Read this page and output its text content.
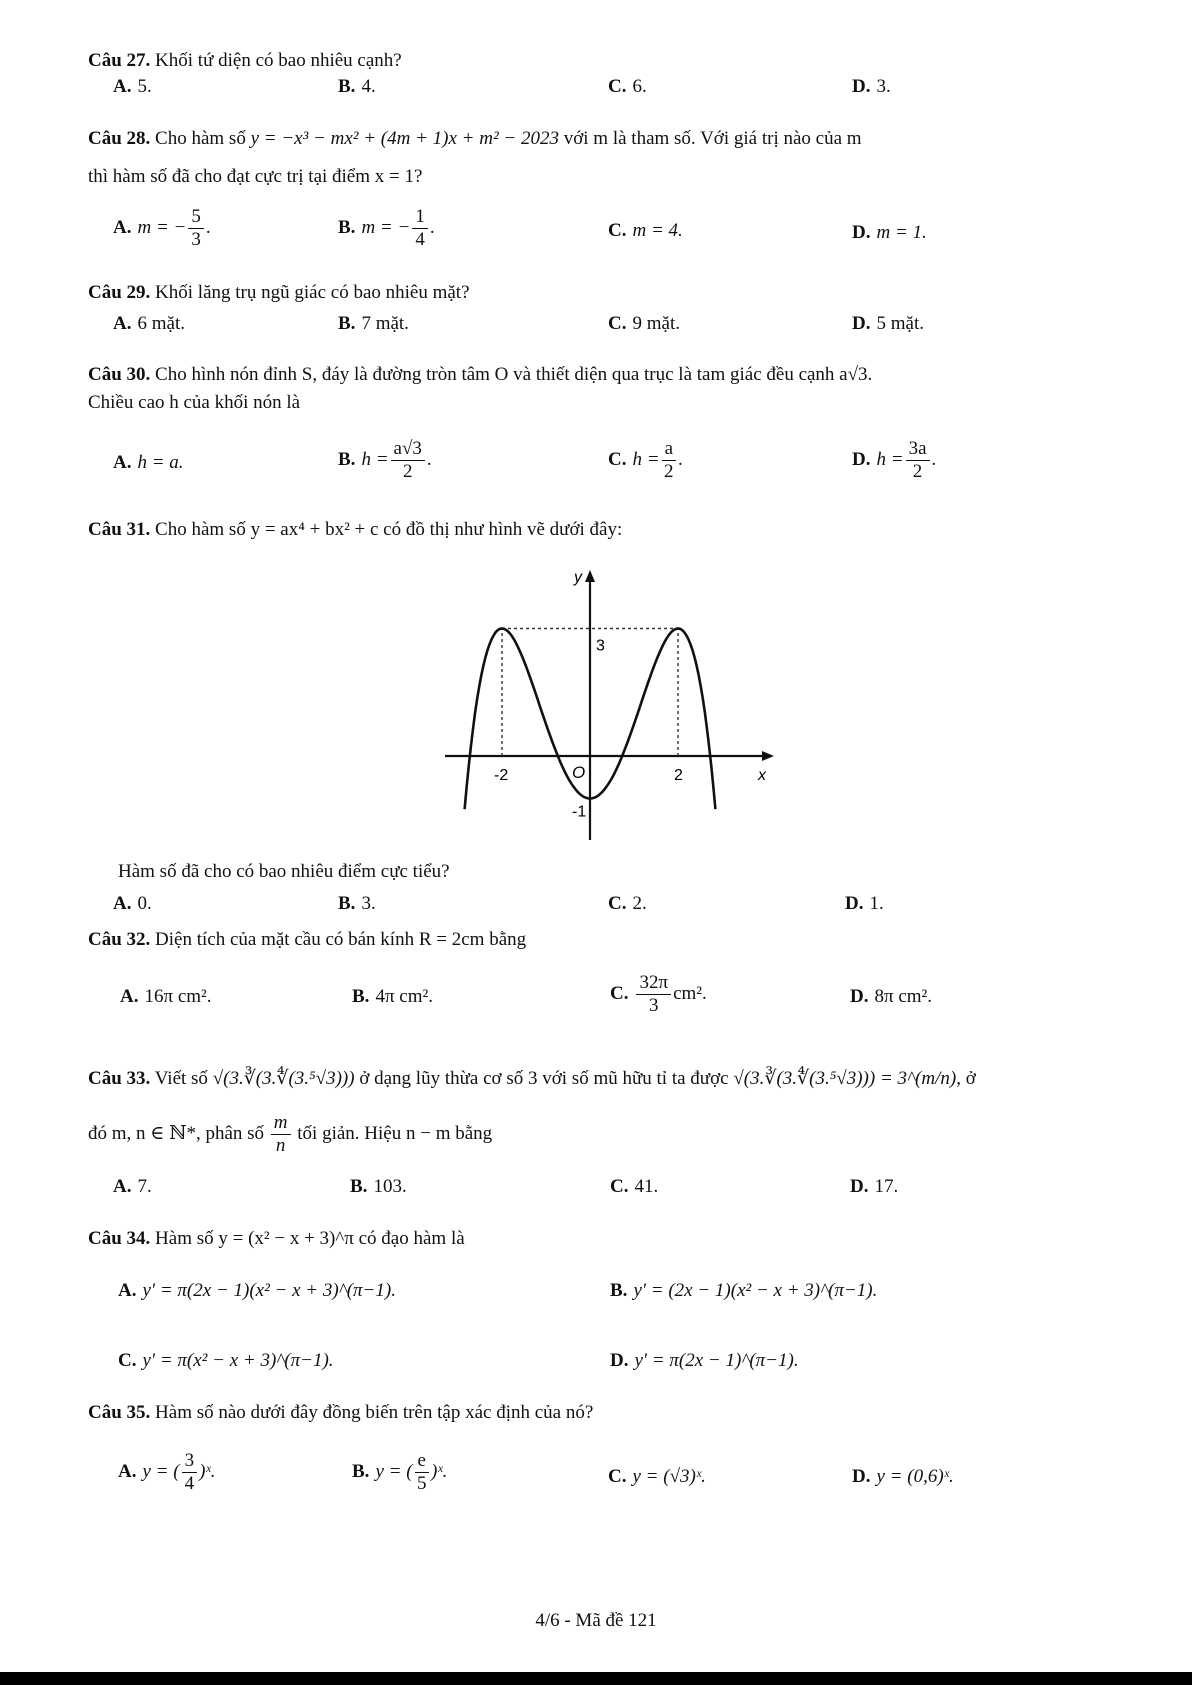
Câu 27. Khối tứ diện có bao nhiêu cạnh?
A. 5.	B. 4.	C. 6.	D. 3.
Câu 28. Cho hàm số y = −x³ − mx² + (4m + 1)x + m² − 2023 với m là tham số. Với giá trị nào của m
thì hàm số đã cho đạt cực trị tại điểm x = 1?
A. m = − $\frac{5}{3}$ .	B. m = − $\frac{1}{4}$ .	C. m = 4.	D. m = 1.
Câu 29. Khối lăng trụ ngũ giác có bao nhiêu mặt?
A. 6 mặt.	B. 7 mặt.	C. 9 mặt.	D. 5 mặt.
Câu 30. Cho hình nón đỉnh S, đáy là đường tròn tâm O và thiết diện qua trục là tam giác đều cạnh a√3.
Chiều cao h của khối nón là
A. h = a.	B. $h = \frac{a√3}{2}$ .	C. $h = \frac{a}{2}$ .	D. $h = \frac{3a}{2}$ .
Câu 31. Cho hàm số y = ax⁴ + bx² + c có đồ thị như hình vẽ dưới đây:
y
x
3
-2	2
O
-1
Hàm số đã cho có bao nhiêu điểm cực tiểu?
A. 0.	B. 3.	C. 2.	D. 1.
Câu 32. Diện tích của mặt cầu có bán kính R = 2cm bằng
A. 16π cm².	B. 4π cm².	C. $\frac{32\pi}{3} cm^2$.	D. 8π cm².
Câu 33. Viết số √(3.∛(3.∜(3.⁵√3))) ở dạng lũy thừa cơ số 3 với số mũ hữu tỉ ta được √(3.∛(3.∜(3.⁵√3))) = 3^(m/n), ở
đó m, n ∈ ℕ*, phân số $\frac{m}{n}$ tối giản. Hiệu n − m bằng
A. 7.	B. 103.	C. 41.	D. 17.
Câu 34. Hàm số y = (x² − x + 3)^π có đạo hàm là
A. y′ = π(2x − 1)(x² − x + 3)^(π−1).	B. y′ = (2x − 1)(x² − x + 3)^(π−1).
C. y′ = π(x² − x + 3)^(π−1).	D. y′ = π(2x − 1)^(π−1).
Câu 35. Hàm số nào dưới đây đồng biến trên tập xác định của nó?
A. y = ( $\frac{3}{4}$ )ˣ.	B. y = ( $\frac{e}{5}$ )ˣ.	C. y = (√3)ˣ.	D. y = (0,6)ˣ.
4/6 - Mã đề 121
